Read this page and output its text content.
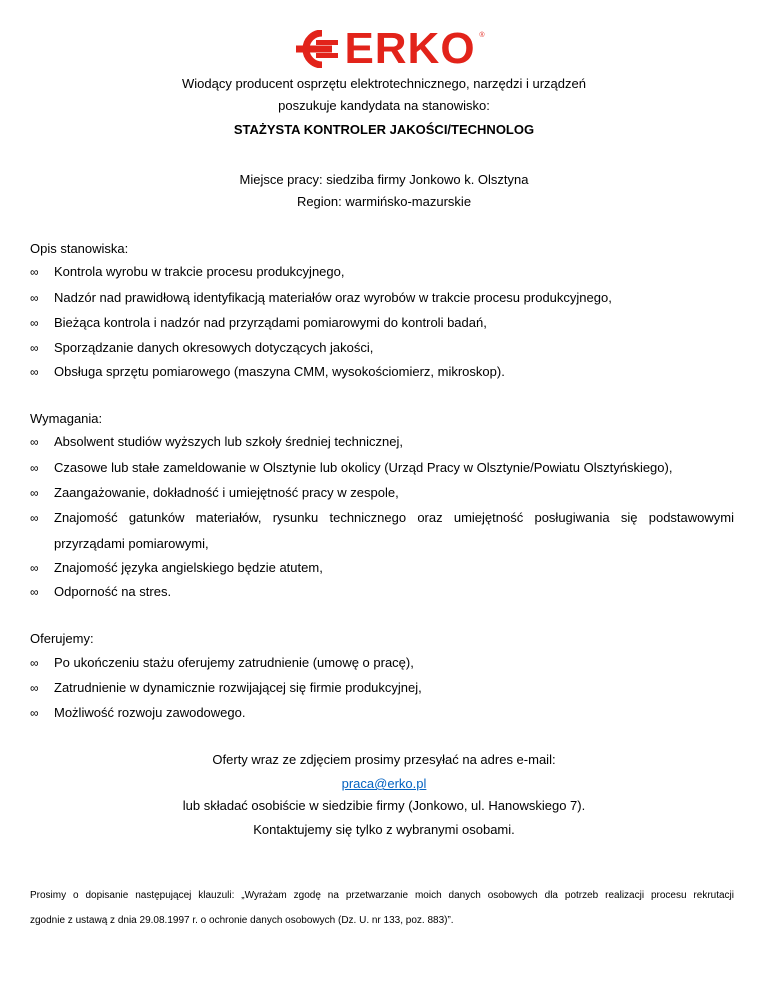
ERKO ®
Wiodący producent osprzętu elektrotechnicznego, narzędzi i urządzeń
poszukuje kandydata na stanowisko:
STAŻYSTA KONTROLER JAKOŚCI/TECHNOLOG
Miejsce pracy: siedziba firmy Jonkowo k. Olsztyna
Region: warmińsko-mazurskie
Opis stanowiska:
∞	Kontrola wyrobu w trakcie procesu produkcyjnego,
∞	Nadzór nad prawidłową identyfikacją materiałów oraz wyrobów w trakcie procesu produkcyjnego,
∞	Bieżąca kontrola i nadzór nad przyrządami pomiarowymi do kontroli badań,
∞	Sporządzanie danych okresowych dotyczących jakości,
∞	Obsługa sprzętu pomiarowego (maszyna CMM, wysokościomierz, mikroskop).
Wymagania:
∞	Absolwent studiów wyższych lub szkoły średniej technicznej,
∞	Czasowe lub stałe zameldowanie w Olsztynie lub okolicy (Urząd Pracy w Olsztynie/Powiatu Olsztyńskiego),
∞	Zaangażowanie, dokładność i umiejętność pracy w zespole,
∞	Znajomość gatunków materiałów, rysunku technicznego oraz umiejętność posługiwania się podstawowymi
przyrządami pomiarowymi,
∞	Znajomość języka angielskiego będzie atutem,
∞	Odporność na stres.
Oferujemy:
∞	Po ukończeniu stażu oferujemy zatrudnienie (umowę o pracę),
∞	Zatrudnienie w dynamicznie rozwijającej się firmie produkcyjnej,
∞	Możliwość rozwoju zawodowego.
Oferty wraz ze zdjęciem prosimy przesyłać na adres e-mail:
praca@erko.pl
lub składać osobiście w siedzibie firmy (Jonkowo, ul. Hanowskiego 7).
Kontaktujemy się tylko z wybranymi osobami.
Prosimy o dopisanie następującej klauzuli: „Wyrażam zgodę na przetwarzanie moich danych osobowych dla potrzeb realizacji procesu rekrutacji
zgodnie z ustawą z dnia 29.08.1997 r. o ochronie danych osobowych (Dz. U. nr 133, poz. 883)”.
